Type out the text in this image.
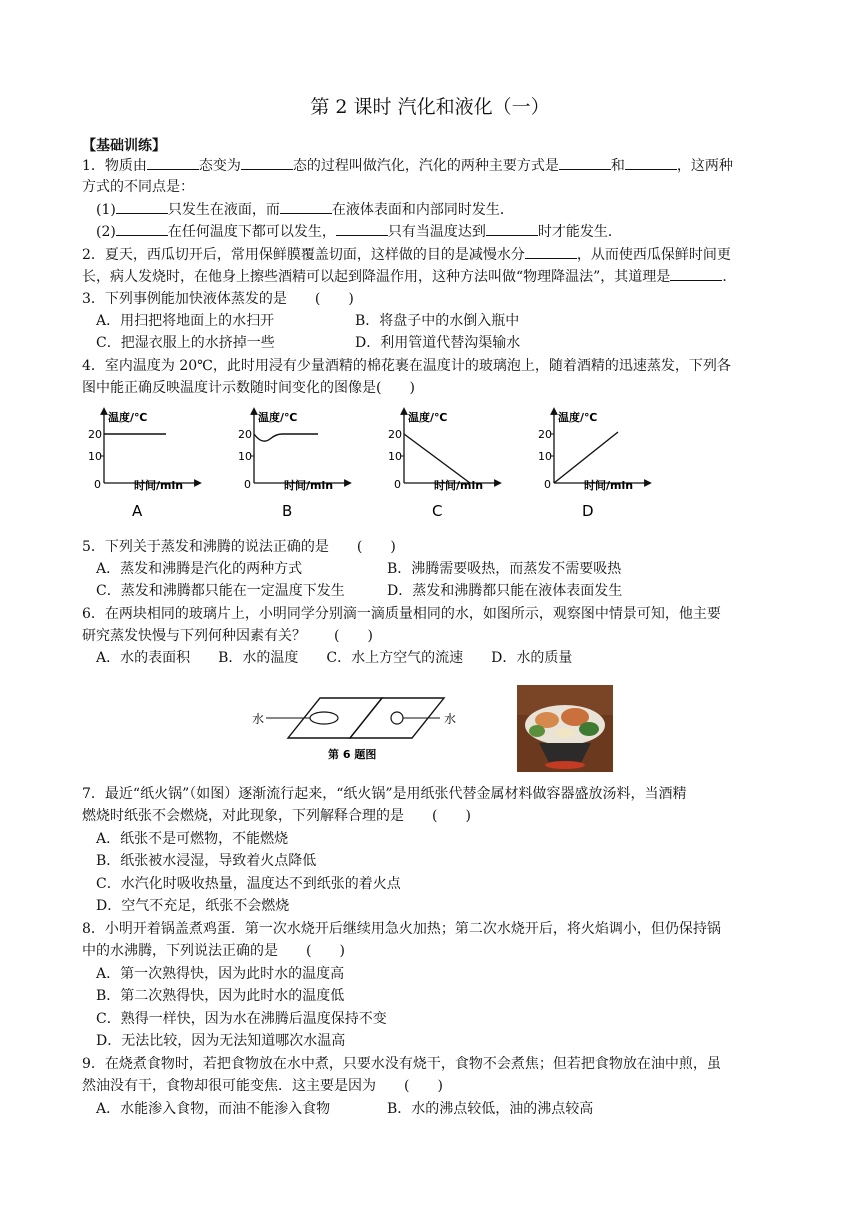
第 2 课时 汽化和液化（一）
【基础训练】
1．物质由	态变为	态的过程叫做汽化，汽化的两种主要方式是	和	，这两种
方式的不同点是：
(1)	只发生在液面，而	在液体表面和内部同时发生．
(2)	在任何温度下都可以发生，	只有当温度达到	时才能发生．
2．夏天，西瓜切开后，常用保鲜膜覆盖切面，这样做的目的是减慢水分	，从而使西瓜保鲜时间更
长，病人发烧时，在他身上擦些酒精可以起到降温作用，这种方法叫做“物理降温法”，其道理是	．
3．下列事例能加快液体蒸发的是　　(　　)
A．用扫把将地面上的水扫开	B．将盘子中的水倒入瓶中
C．把湿衣服上的水挤掉一些	D．利用管道代替沟渠输水
4．室内温度为 20℃，此时用浸有少量酒精的棉花裹在温度计的玻璃泡上，随着酒精的迅速蒸发，下列各
图中能正确反映温度计示数随时间变化的图像是(　　)
温度/℃
20
10
0	时间/min
A
温度/℃
20
10
0	时间/min
B
温度/℃
20
10
0	时间/min
C
温度/℃
20
10
0	时间/min
D
5．下列关于蒸发和沸腾的说法正确的是　　(　　)
A．蒸发和沸腾是汽化的两种方式	B．沸腾需要吸热，而蒸发不需要吸热
C．蒸发和沸腾都只能在一定温度下发生	D．蒸发和沸腾都只能在液体表面发生
6．在两块相同的玻璃片上，小明同学分别滴一滴质量相同的水，如图所示，观察图中情景可知，他主要
研究蒸发快慢与下列何种因素有关？　　(　　)
A．水的表面积　　B．水的温度　　C．水上方空气的流速　　D．水的质量
水	水
第 6 题图
7．最近“纸火锅”（如图）逐渐流行起来，“纸火锅”是用纸张代替金属材料做容器盛放汤料，当酒精
燃烧时纸张不会燃烧，对此现象，下列解释合理的是　　(　　)
A．纸张不是可燃物，不能燃烧
B．纸张被水浸湿，导致着火点降低
C．水汽化时吸收热量，温度达不到纸张的着火点
D．空气不充足，纸张不会燃烧
8．小明开着锅盖煮鸡蛋．第一次水烧开后继续用急火加热；第二次水烧开后，将火焰调小，但仍保持锅
中的水沸腾，下列说法正确的是　　(　　)
A．第一次熟得快，因为此时水的温度高
B．第二次熟得快，因为此时水的温度低
C．熟得一样快，因为水在沸腾后温度保持不变
D．无法比较，因为无法知道哪次水温高
9．在烧煮食物时，若把食物放在水中煮，只要水没有烧干，食物不会煮焦；但若把食物放在油中煎，虽
然油没有干，食物却很可能变焦．这主要是因为　　(　　)
A．水能渗入食物，而油不能渗入食物	B．水的沸点较低，油的沸点较高
